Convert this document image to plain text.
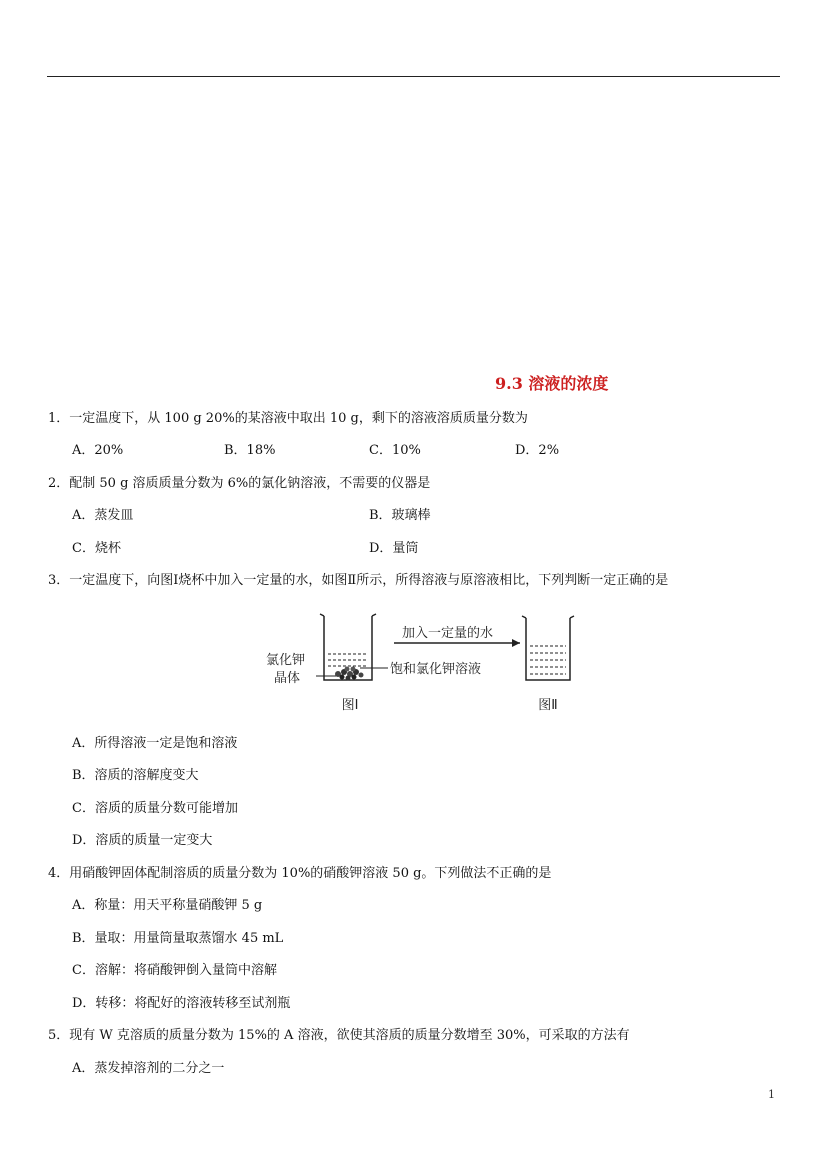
9.3 溶液的浓度
1．一定温度下，从 100 g 20%的某溶液中取出 10 g，剩下的溶液溶质质量分数为
A．20%	B．18%	C．10%	D．2%
2．配制 50 g 溶质质量分数为 6%的氯化钠溶液，不需要的仪器是
A．蒸发皿	B．玻璃棒
C．烧杯	D．量筒
3．一定温度下，向图Ⅰ烧杯中加入一定量的水，如图Ⅱ所示，所得溶液与原溶液相比，下列判断一定正确的是
氯化钾
晶体
饱和氯化钾溶液
加入一定量的水
图Ⅰ	图Ⅱ
A．所得溶液一定是饱和溶液
B．溶质的溶解度变大
C．溶质的质量分数可能增加
D．溶质的质量一定变大
4．用硝酸钾固体配制溶质的质量分数为 10%的硝酸钾溶液 50 g。下列做法不正确的是
A．称量：用天平称量硝酸钾 5 g
B．量取：用量筒量取蒸馏水 45 mL
C．溶解：将硝酸钾倒入量筒中溶解
D．转移：将配好的溶液转移至试剂瓶
5．现有 W 克溶质的质量分数为 15%的 A 溶液，欲使其溶质的质量分数增至 30%，可采取的方法有
A．蒸发掉溶剂的二分之一
1
